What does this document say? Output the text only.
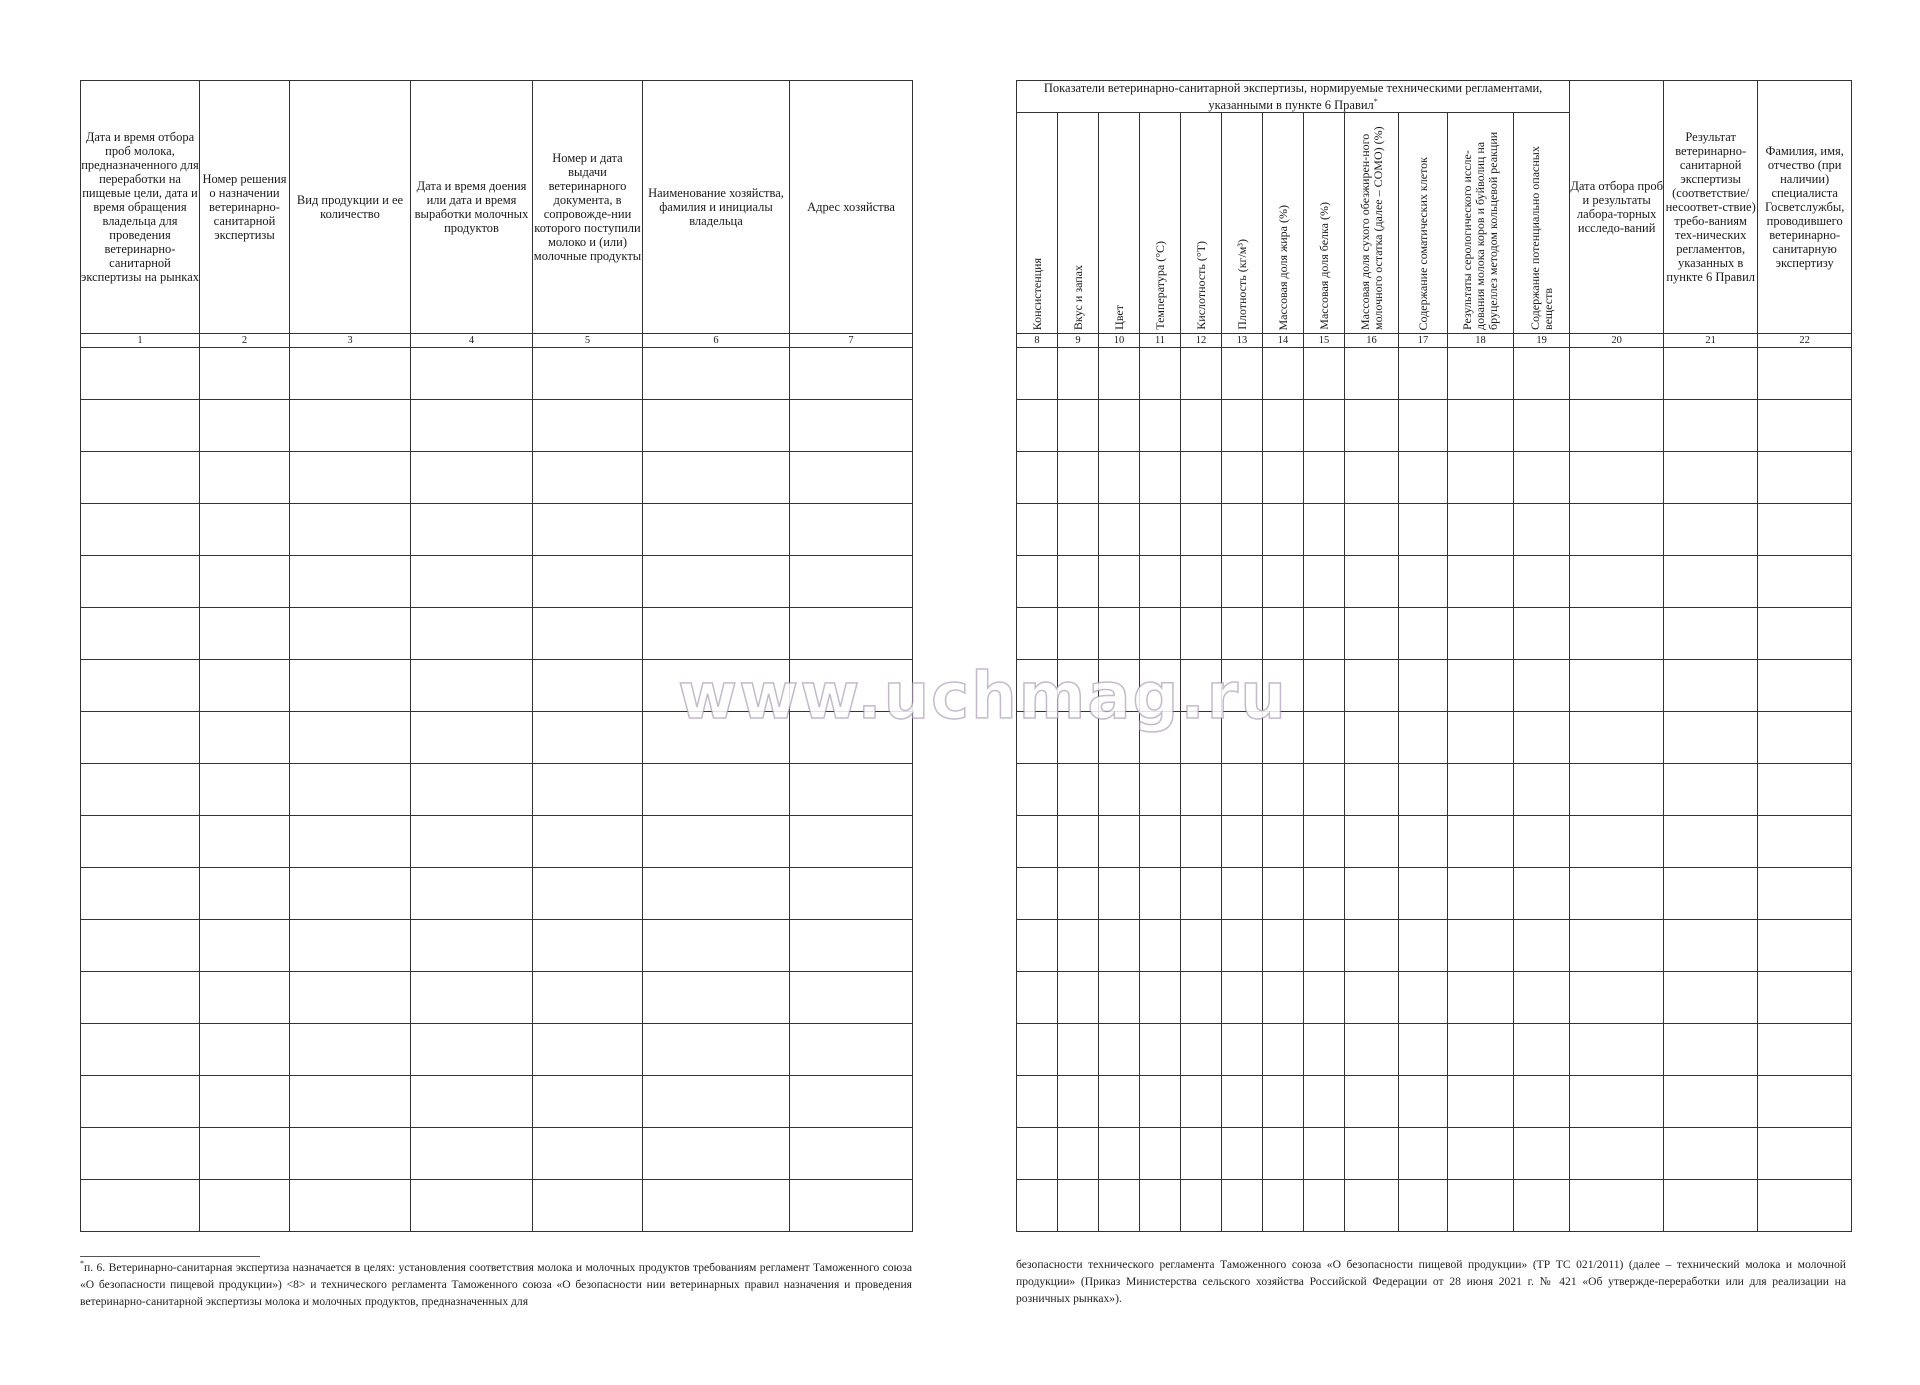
Дата и время отбора проб молока, предназначенного для переработки на пищевые цели, дата и время обращения владельца для проведения ветеринарно-санитарной экспертизы на рынках	Номер решения о назначении ветеринарно-санитарной экспертизы	Вид продукции и ее количество	Дата и время доения или дата и время выработки молочных продуктов	Номер и дата выдачи ветеринарного документа, в сопровожде-нии которого поступили молоко и (или) молочные продукты	Наименование хозяйства, фамилия и инициалы владельца	Адрес хозяйства
1	2	3	4	5	6	7

Показатели ветеринарно-санитарной экспертизы, нормируемые техническими регламентами, указанными в пункте 6 Правил*												Дата отбора проб и результаты лабора-торных исследо-ваний	Результат ветеринарно-санитарной экспертизы (соответствие/ несоответ-ствие) требо-ваниям тех-нических регламентов, указанных в пункте 6 Правил	Фамилия, имя, отчество (при наличии) специалиста Госветслужбы, проводившего ветеринарно-санитарную экспертизу
Консистенция	Вкус и запах	Цвет	Температура (°С)	Кислотность (°Т)	Плотность (кг/м³)	Массовая доля жира (%)	Массовая доля белка (%)	Массовая доля сухого обезжирен-ного молочного остатка (далее – СОМО) (%)	Содержание соматических клеток	Результаты серологического иссле-дования молока коров и буйволиц на бруцеллез методом кольцевой реакции	Содержание потенциально опасных веществ			
8	9	10	11	12	13	14	15	16	17	18	19	20	21	22

*п. 6. Ветеринарно-санитарная экспертиза назначается в целях: установления соответствия молока и молочных продуктов требованиям регламент Таможенного союза «О безопасности пищевой продукции») <8> и технического регламента Таможенного союза «О безопасности нии ветеринарных правил назначения и проведения ветеринарно-санитарной экспертизы молока и молочных продуктов, предназначенных для
безопасности технического регламента Таможенного союза «О безопасности пищевой продукции» (ТР ТС 021/2011) (далее – технический молока и молочной продукции» (Приказ Министерства сельского хозяйства Российской Федерации от 28 июня 2021 г. № 421 «Об утвержде-переработки или для реализации на розничных рынках»).
www.uchmag.ru
